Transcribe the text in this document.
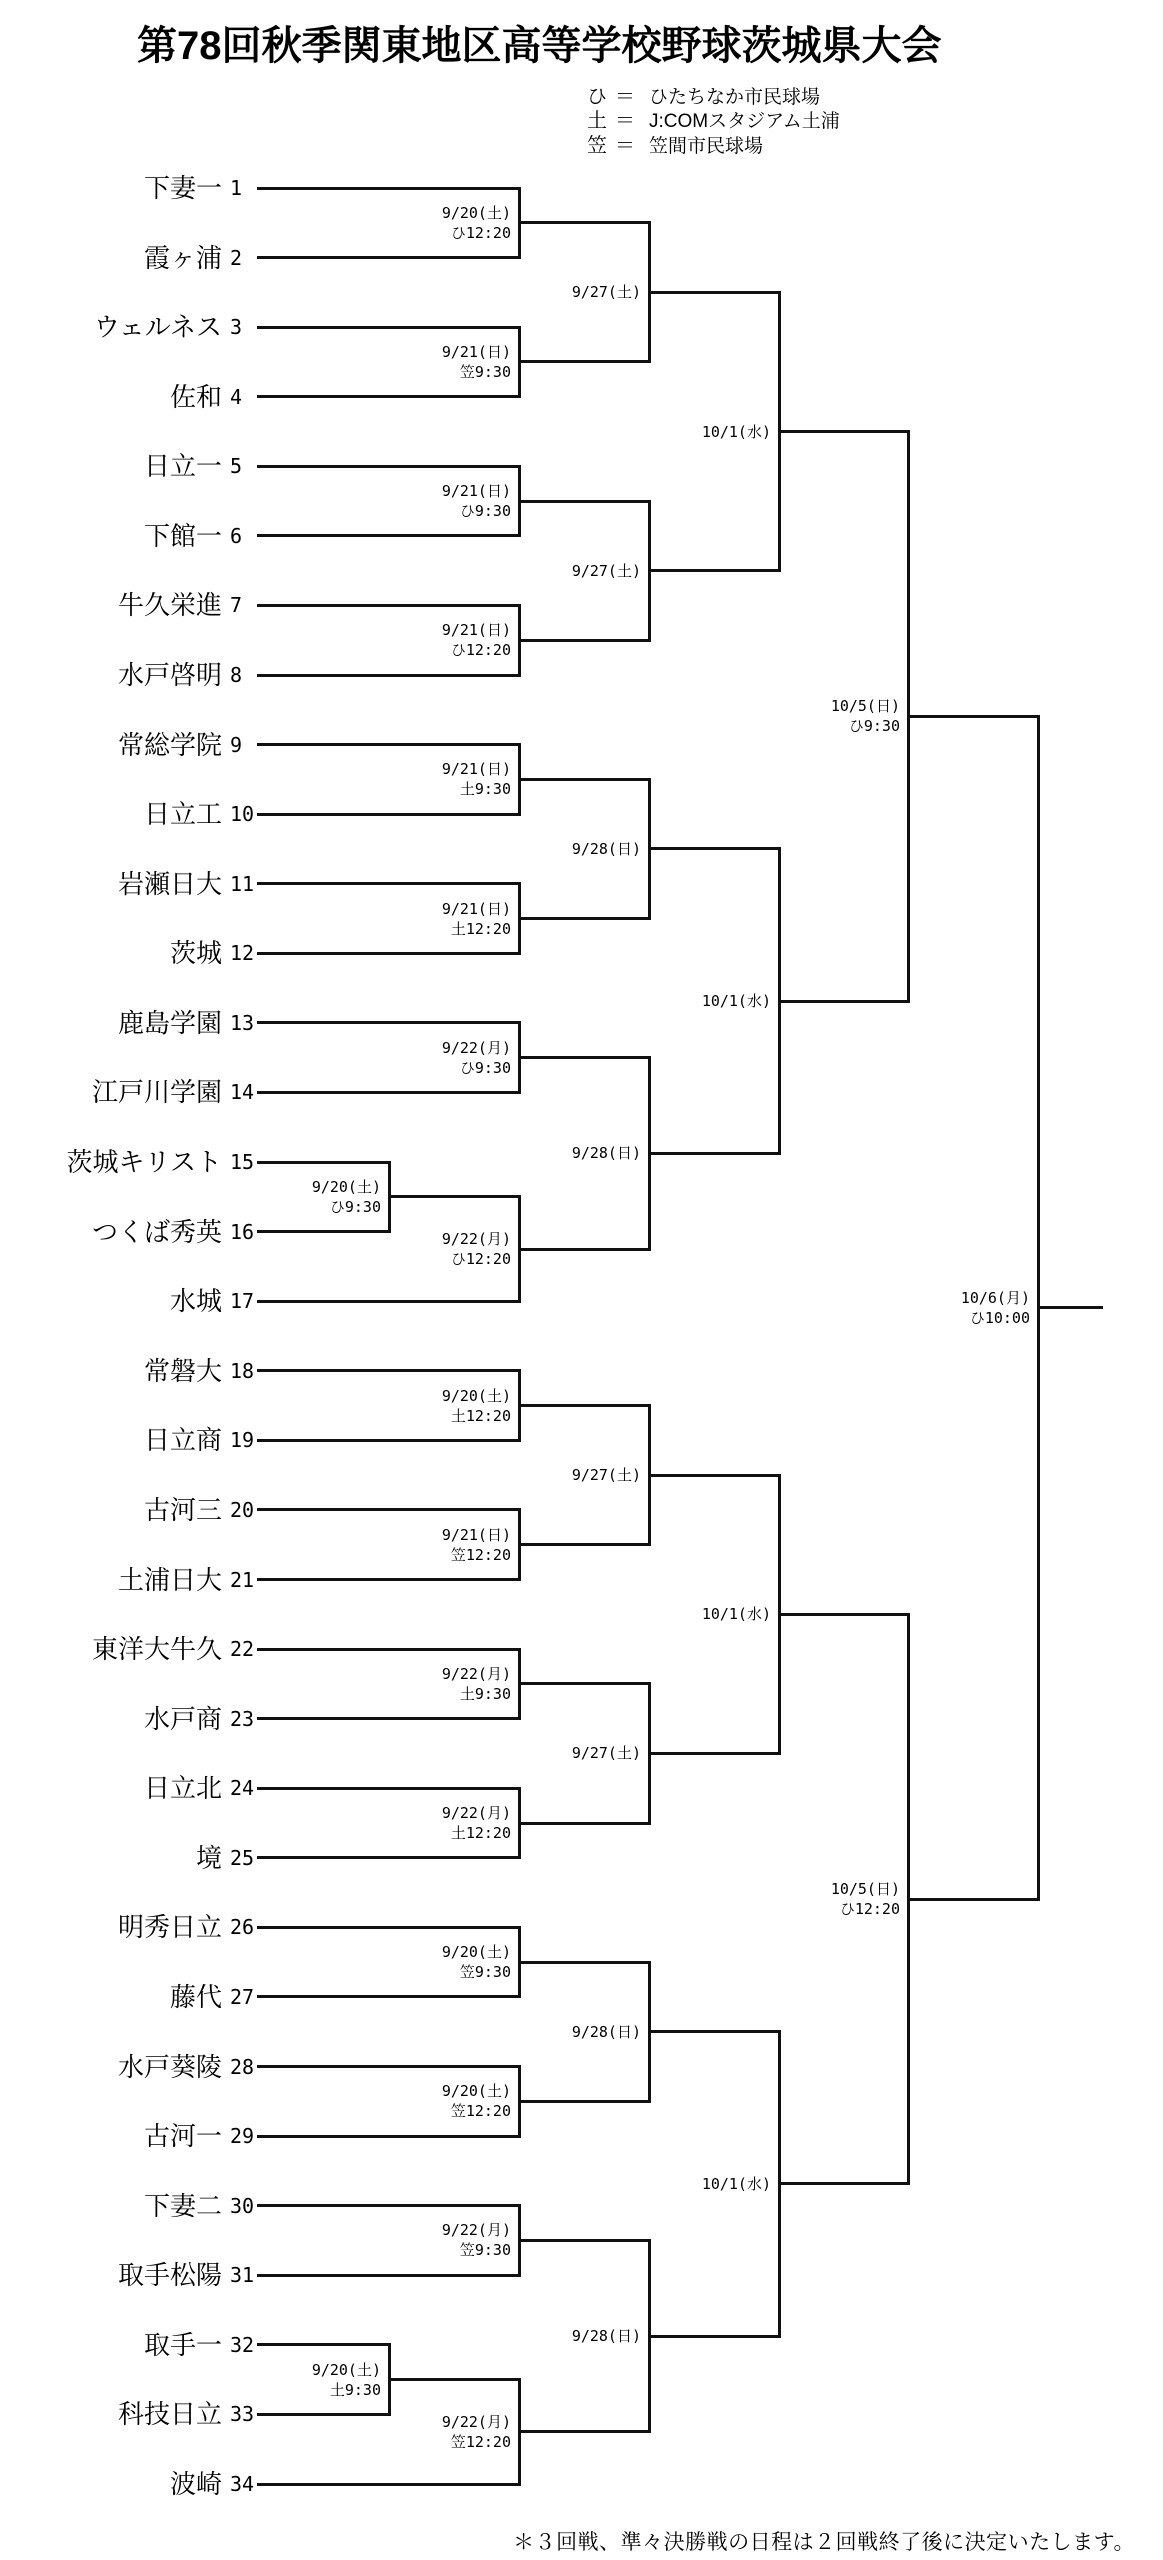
第78回秋季関東地区高等学校野球茨城県大会
ひ ＝ ひたちなか市民球場
土 ＝ J:COMスタジアム土浦
笠 ＝ 笠間市民球場
下妻一 1
霞ヶ浦 2
ウェルネス 3
佐和 4
日立一 5
下館一 6
牛久栄進 7
水戸啓明 8
常総学院 9
日立工 10
岩瀬日大 11
茨城 12
鹿島学園 13
江戸川学園 14
茨城キリスト 15
つくば秀英 16
水城 17
常磐大 18
日立商 19
古河三 20
土浦日大 21
東洋大牛久 22
水戸商 23
日立北 24
境 25
明秀日立 26
藤代 27
水戸葵陵 28
古河一 29
下妻二 30
取手松陽 31
取手一 32
科技日立 33
波崎 34
9/20(土)
ひ9:30
9/20(土)
土9:30
9/20(土)
ひ12:20
9/21(日)
笠9:30
9/21(日)
ひ9:30
9/21(日)
ひ12:20
9/21(日)
土9:30
9/21(日)
土12:20
9/22(月)
ひ9:30
9/22(月)
ひ12:20
9/20(土)
土12:20
9/21(日)
笠12:20
9/22(月)
土9:30
9/22(月)
土12:20
9/20(土)
笠9:30
9/20(土)
笠12:20
9/22(月)
笠9:30
9/22(月)
笠12:20
9/27(土)
9/27(土)
9/28(日)
9/28(日)
9/27(土)
9/27(土)
9/28(日)
9/28(日)
10/1(水)
10/1(水)
10/1(水)
10/1(水)
10/5(日)
ひ9:30
10/5(日)
ひ12:20
10/6(月)
ひ10:00
＊３回戦、準々決勝戦の日程は２回戦終了後に決定いたします。
